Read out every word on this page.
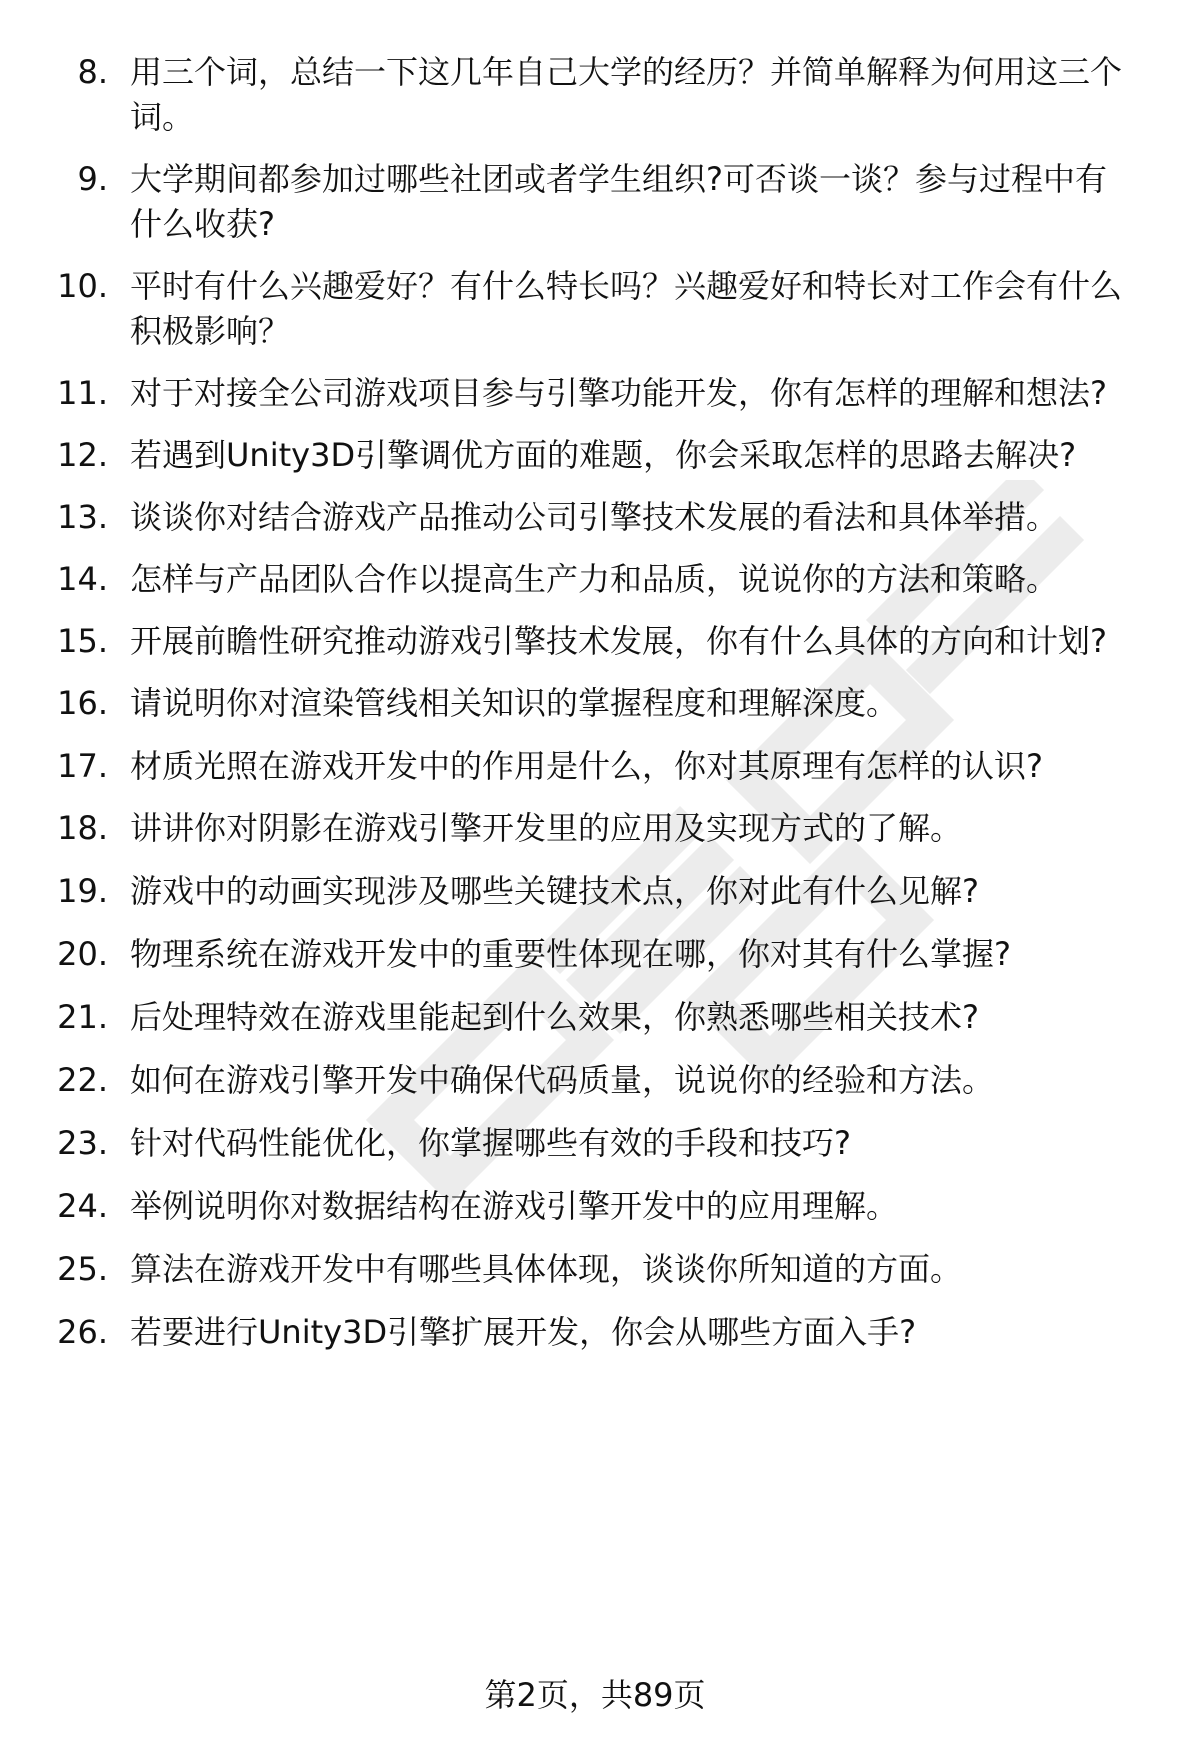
8. 用三个词，总结一下这几年自己大学的经历？并简单解释为何用这三个词。
9. 大学期间都参加过哪些社团或者学生组织?可否谈一谈？参与过程中有什么收获?
10. 平时有什么兴趣爱好？有什么特长吗？兴趣爱好和特长对工作会有什么积极影响？
11. 对于对接全公司游戏项目参与引擎功能开发，你有怎样的理解和想法?
12. 若遇到Unity3D引擎调优方面的难题，你会采取怎样的思路去解决?
13. 谈谈你对结合游戏产品推动公司引擎技术发展的看法和具体举措。
14. 怎样与产品团队合作以提高生产力和品质，说说你的方法和策略。
15. 开展前瞻性研究推动游戏引擎技术发展，你有什么具体的方向和计划?
16. 请说明你对渲染管线相关知识的掌握程度和理解深度。
17. 材质光照在游戏开发中的作用是什么，你对其原理有怎样的认识?
18. 讲讲你对阴影在游戏引擎开发里的应用及实现方式的了解。
19. 游戏中的动画实现涉及哪些关键技术点，你对此有什么见解?
20. 物理系统在游戏开发中的重要性体现在哪，你对其有什么掌握?
21. 后处理特效在游戏里能起到什么效果，你熟悉哪些相关技术?
22. 如何在游戏引擎开发中确保代码质量，说说你的经验和方法。
23. 针对代码性能优化，你掌握哪些有效的手段和技巧?
24. 举例说明你对数据结构在游戏引擎开发中的应用理解。
25. 算法在游戏开发中有哪些具体体现，谈谈你所知道的方面。
26. 若要进行Unity3D引擎扩展开发，你会从哪些方面入手?
第2页，共89页
